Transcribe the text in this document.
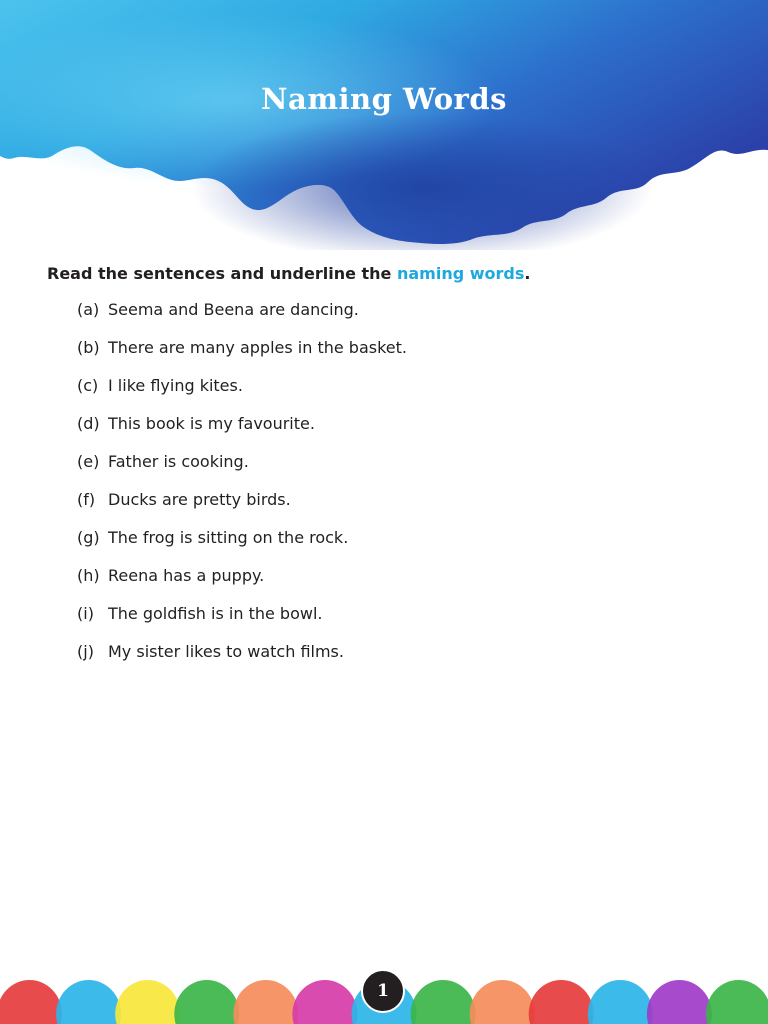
Naming Words

Read the sentences and underline the naming words.

(a) Seema and Beena are dancing.
(b) There are many apples in the basket.
(c) I like flying kites.
(d) This book is my favourite.
(e) Father is cooking.
(f) Ducks are pretty birds.
(g) The frog is sitting on the rock.
(h) Reena has a puppy.
(i) The goldfish is in the bowl.
(j) My sister likes to watch films.
1
